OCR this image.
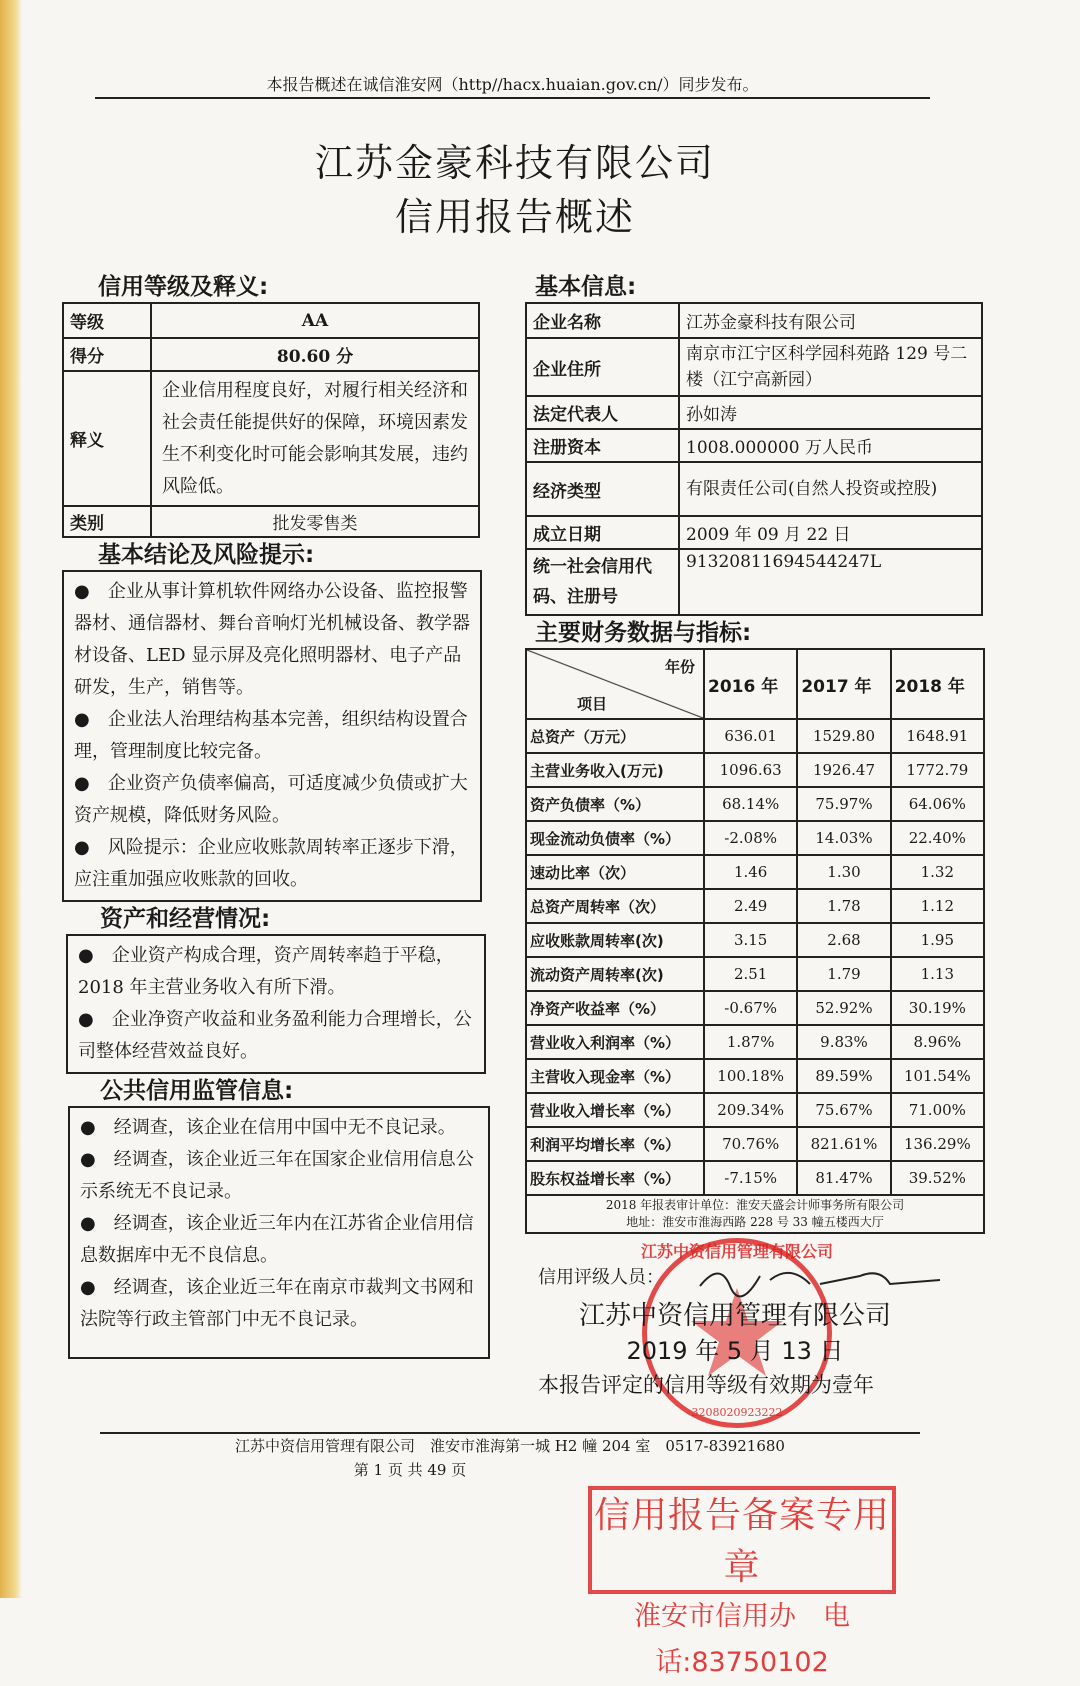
本报告概述在诚信淮安网（http//hacx.huaian.gov.cn/）同步发布。
江苏金豪科技有限公司
信用报告概述
信用等级及释义:
等级	AA
得分	80.60 分
释义	企业信用程度良好，对履行相关经济和社会责任能提供好的保障，环境因素发生不利变化时可能会影响其发展，违约风险低。
类别	批发零售类
基本结论及风险提示:

●　企业从事计算机软件网络办公设备、监控报警器材、通信器材、舞台音响灯光机械设备、教学器材设备、LED 显示屏及亮化照明器材、电子产品研发，生产，销售等。

●　企业法人治理结构基本完善，组织结构设置合理，管理制度比较完备。

●　企业资产负债率偏高，可适度减少负债或扩大资产规模，降低财务风险。

●　风险提示：企业应收账款周转率正逐步下滑，应注重加强应收账款的回收。

资产和经营情况:

●　企业资产构成合理，资产周转率趋于平稳，2018 年主营业务收入有所下滑。

●　企业净资产收益和业务盈利能力合理增长，公司整体经营效益良好。

公共信用监管信息:

●　经调查，该企业在信用中国中无不良记录。

●　经调查，该企业近三年在国家企业信用信息公示系统无不良记录。

●　经调查，该企业近三年内在江苏省企业信用信息数据库中无不良信息。

●　经调查，该企业近三年在南京市裁判文书网和法院等行政主管部门中无不良记录。

基本信息:
企业名称	江苏金豪科技有限公司
企业住所	南京市江宁区科学园科苑路 129 号二楼（江宁高新园）
法定代表人	孙如涛
注册资本	1008.000000 万人民币
经济类型	有限责任公司(自然人投资或控股)
成立日期	2009 年 09 月 22 日
统一社会信用代码、注册号	91320811694544247L
主要财务数据与指标:
年份
项目	2016 年	2017 年	2018 年
总资产（万元）	636.01	1529.80	1648.91
主营业务收入(万元)	1096.63	1926.47	1772.79
资产负债率（%）	68.14%	75.97%	64.06%
现金流动负债率（%）	-2.08%	14.03%	22.40%
速动比率（次）	1.46	1.30	1.32
总资产周转率（次）	2.49	1.78	1.12
应收账款周转率(次)	3.15	2.68	1.95
流动资产周转率(次)	2.51	1.79	1.13
净资产收益率（%）	-0.67%	52.92%	30.19%
营业收入利润率（%）	1.87%	9.83%	8.96%
主营收入现金率（%）	100.18%	89.59%	101.54%
营业收入增长率（%）	209.34%	75.67%	71.00%
利润平均增长率（%）	70.76%	821.61%	136.29%
股东权益增长率（%）	-7.15%	81.47%	39.52%

2018 年报表审计单位：淮安天盛会计师事务所有限公司
地址：淮安市淮海西路 228 号 33 幢五楼西大厅			
江苏中资信用管理有限公司
信用评级人员：
江苏中资信用管理有限公司
2019 年 5 月 13 日
本报告评定的信用等级有效期为壹年
3208020923222
江苏中资信用管理有限公司　淮安市淮海第一城 H2 幢 204 室　0517-83921680
第 1 页 共 49 页
信用报告备案专用章
淮安市信用办　电话:83750102
